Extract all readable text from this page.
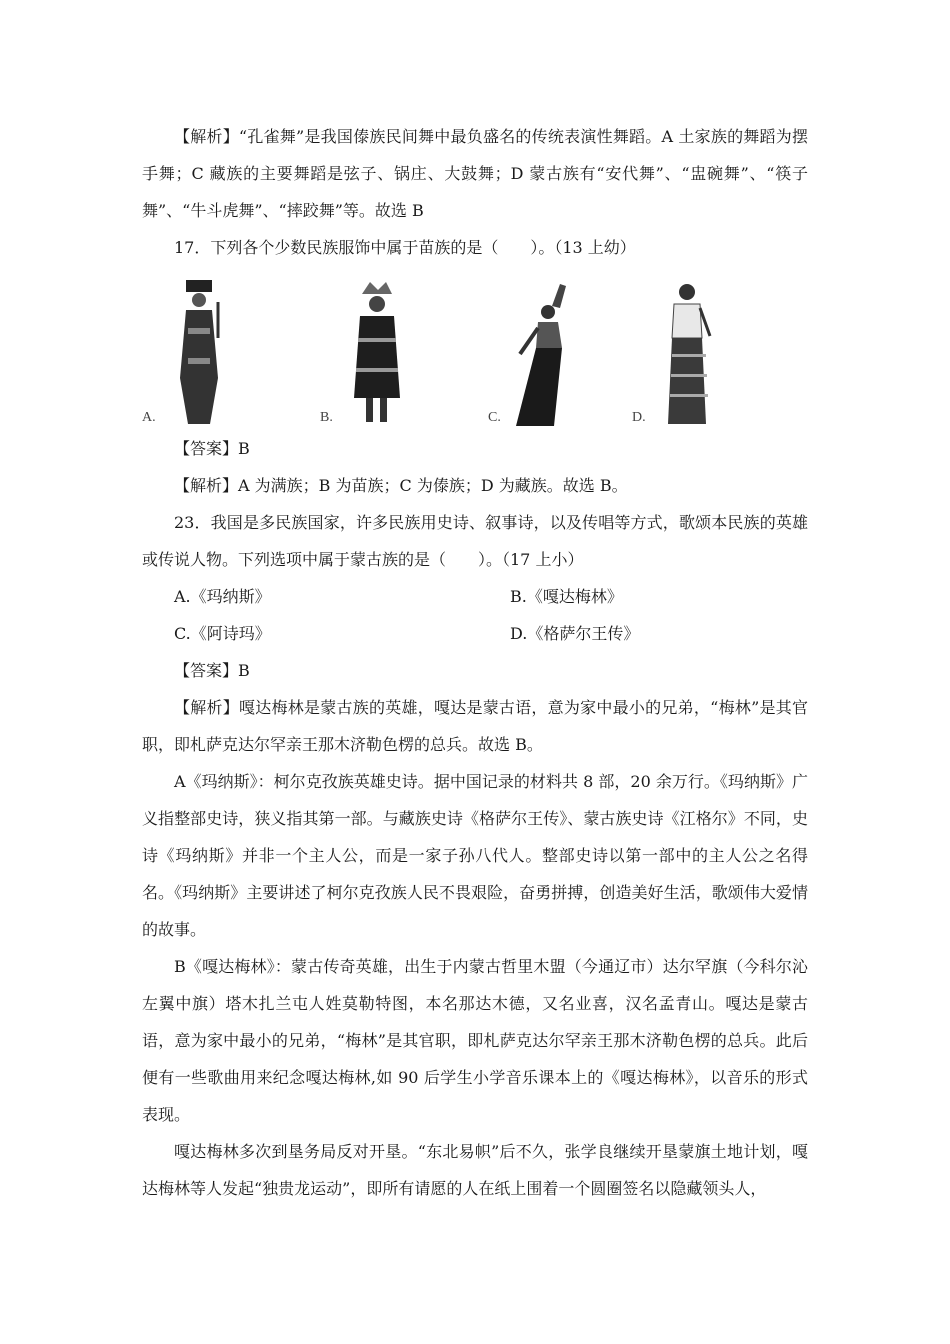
【解析】“孔雀舞”是我国傣族民间舞中最负盛名的传统表演性舞蹈。A 土家族的舞蹈为摆手舞；C 藏族的主要舞蹈是弦子、锅庄、大鼓舞；D 蒙古族有“安代舞”、“盅碗舞”、“筷子舞”、“牛斗虎舞”、“摔跤舞”等。故选 B

17．下列各个少数民族服饰中属于苗族的是（　　）。（13 上幼）

A.	B.	C.	D.

【答案】B

【解析】A 为满族；B 为苗族；C 为傣族；D 为藏族。故选 B。

23．我国是多民族国家，许多民族用史诗、叙事诗，以及传唱等方式，歌颂本民族的英雄或传说人物。下列选项中属于蒙古族的是（　　）。（17 上小）

A.《玛纳斯》	B.《嘎达梅林》
C.《阿诗玛》	D.《格萨尔王传》

【答案】B

【解析】嘎达梅林是蒙古族的英雄，嘎达是蒙古语，意为家中最小的兄弟，“梅林”是其官职，即札萨克达尔罕亲王那木济勒色楞的总兵。故选 B。

A《玛纳斯》：柯尔克孜族英雄史诗。据中国记录的材料共 8 部，20 余万行。《玛纳斯》广义指整部史诗，狭义指其第一部。与藏族史诗《格萨尔王传》、蒙古族史诗《江格尔》不同，史诗《玛纳斯》并非一个主人公，而是一家子孙八代人。整部史诗以第一部中的主人公之名得名。《玛纳斯》主要讲述了柯尔克孜族人民不畏艰险，奋勇拼搏，创造美好生活，歌颂伟大爱情的故事。

B《嘎达梅林》：蒙古传奇英雄，出生于内蒙古哲里木盟（今通辽市）达尔罕旗（今科尔沁左翼中旗）塔木扎兰屯人姓莫勒特图，本名那达木德，又名业喜，汉名孟青山。嘎达是蒙古语，意为家中最小的兄弟，“梅林”是其官职，即札萨克达尔罕亲王那木济勒色楞的总兵。此后便有一些歌曲用来纪念嘎达梅林,如 90 后学生小学音乐课本上的《嘎达梅林》，以音乐的形式表现。

嘎达梅林多次到垦务局反对开垦。“东北易帜”后不久，张学良继续开垦蒙旗土地计划，嘎达梅林等人发起“独贵龙运动”，即所有请愿的人在纸上围着一个圆圈签名以隐藏领头人，
